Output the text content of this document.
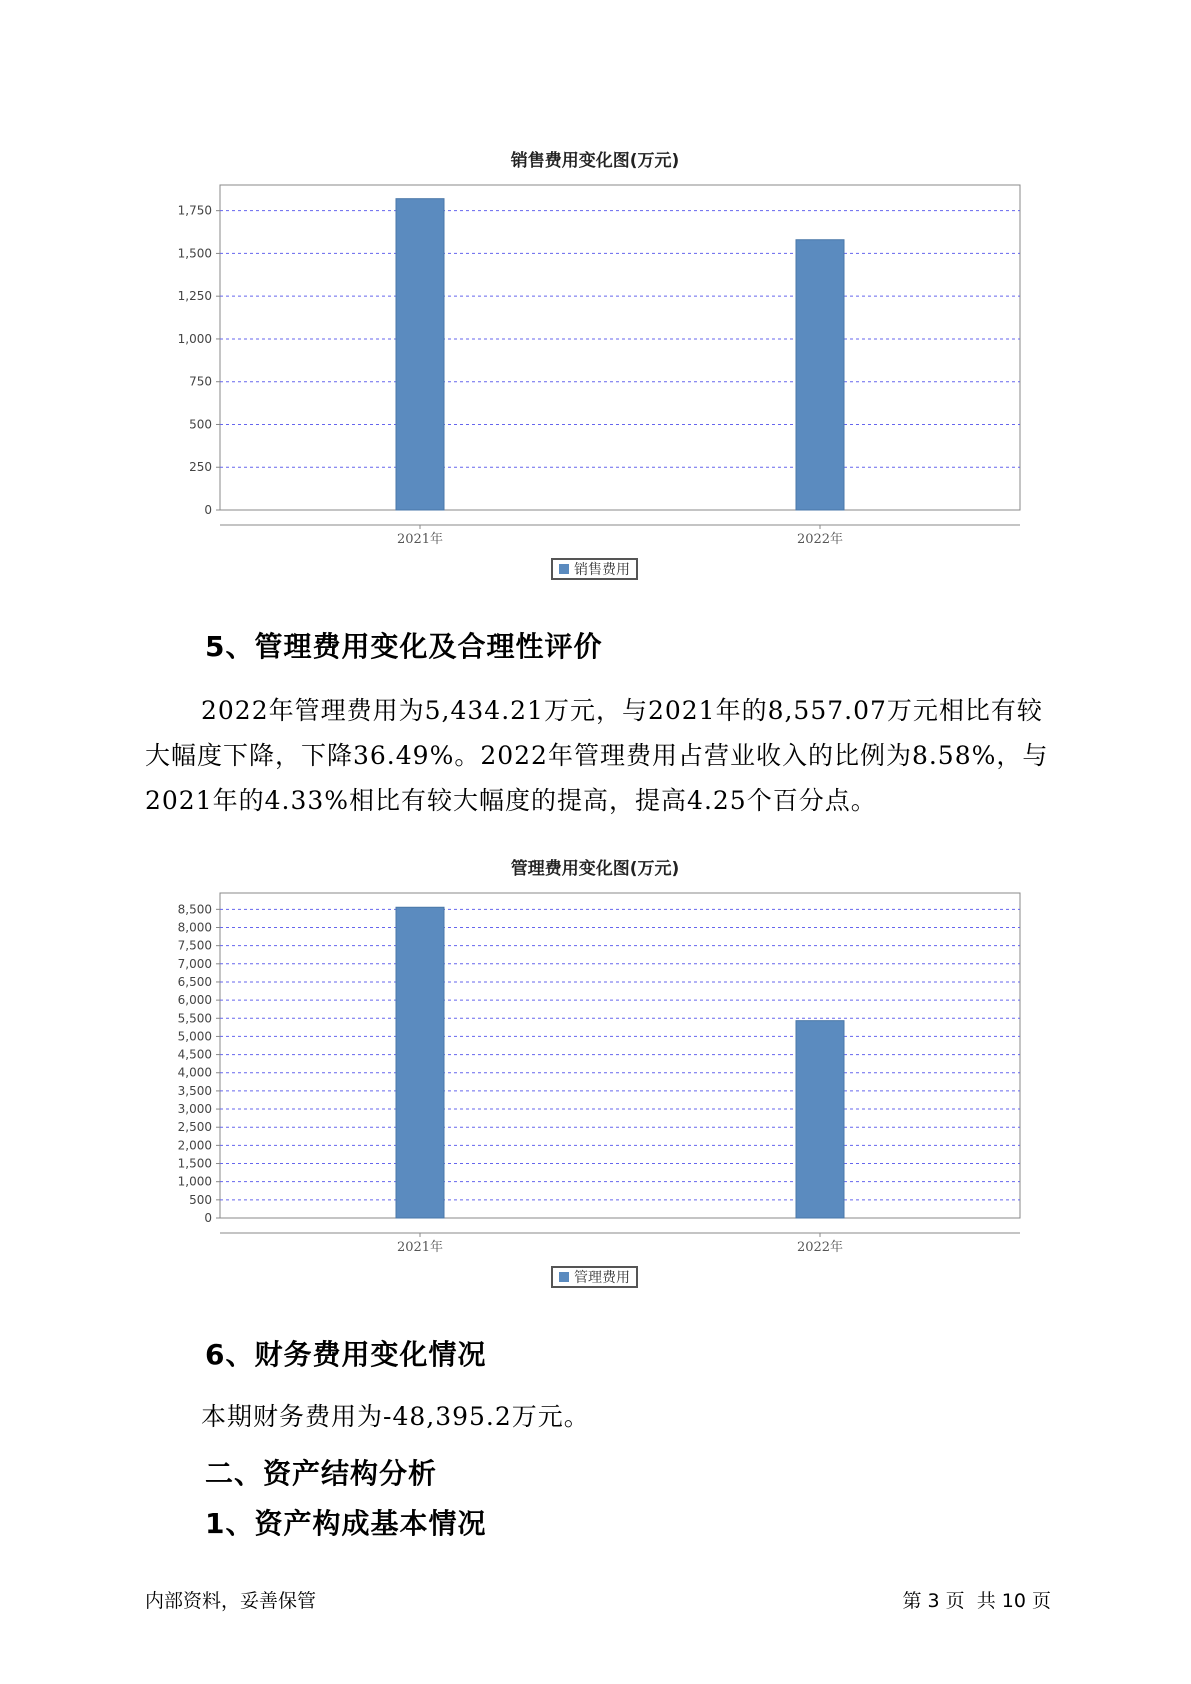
销售费用变化图(万元)
0
250
500
750
1,000
1,250
1,500
1,750
2021年	2022年
销售费用
5、管理费用变化及合理性评价
2022年管理费用为5,434.21万元，与2021年的8,557.07万元相比有较
大幅度下降，下降36.49%。2022年管理费用占营业收入的比例为8.58%，与
2021年的4.33%相比有较大幅度的提高，提高4.25个百分点。
管理费用变化图(万元)
0
500
1,000
1,500
2,000
2,500
3,000
3,500
4,000
4,500
5,000
5,500
6,000
6,500
7,000
7,500
8,000
8,500
2021年	2022年
管理费用
6、财务费用变化情况
本期财务费用为-48,395.2万元。
二、资产结构分析
1、资产构成基本情况
内部资料，妥善保管	第 3 页  共 10 页
